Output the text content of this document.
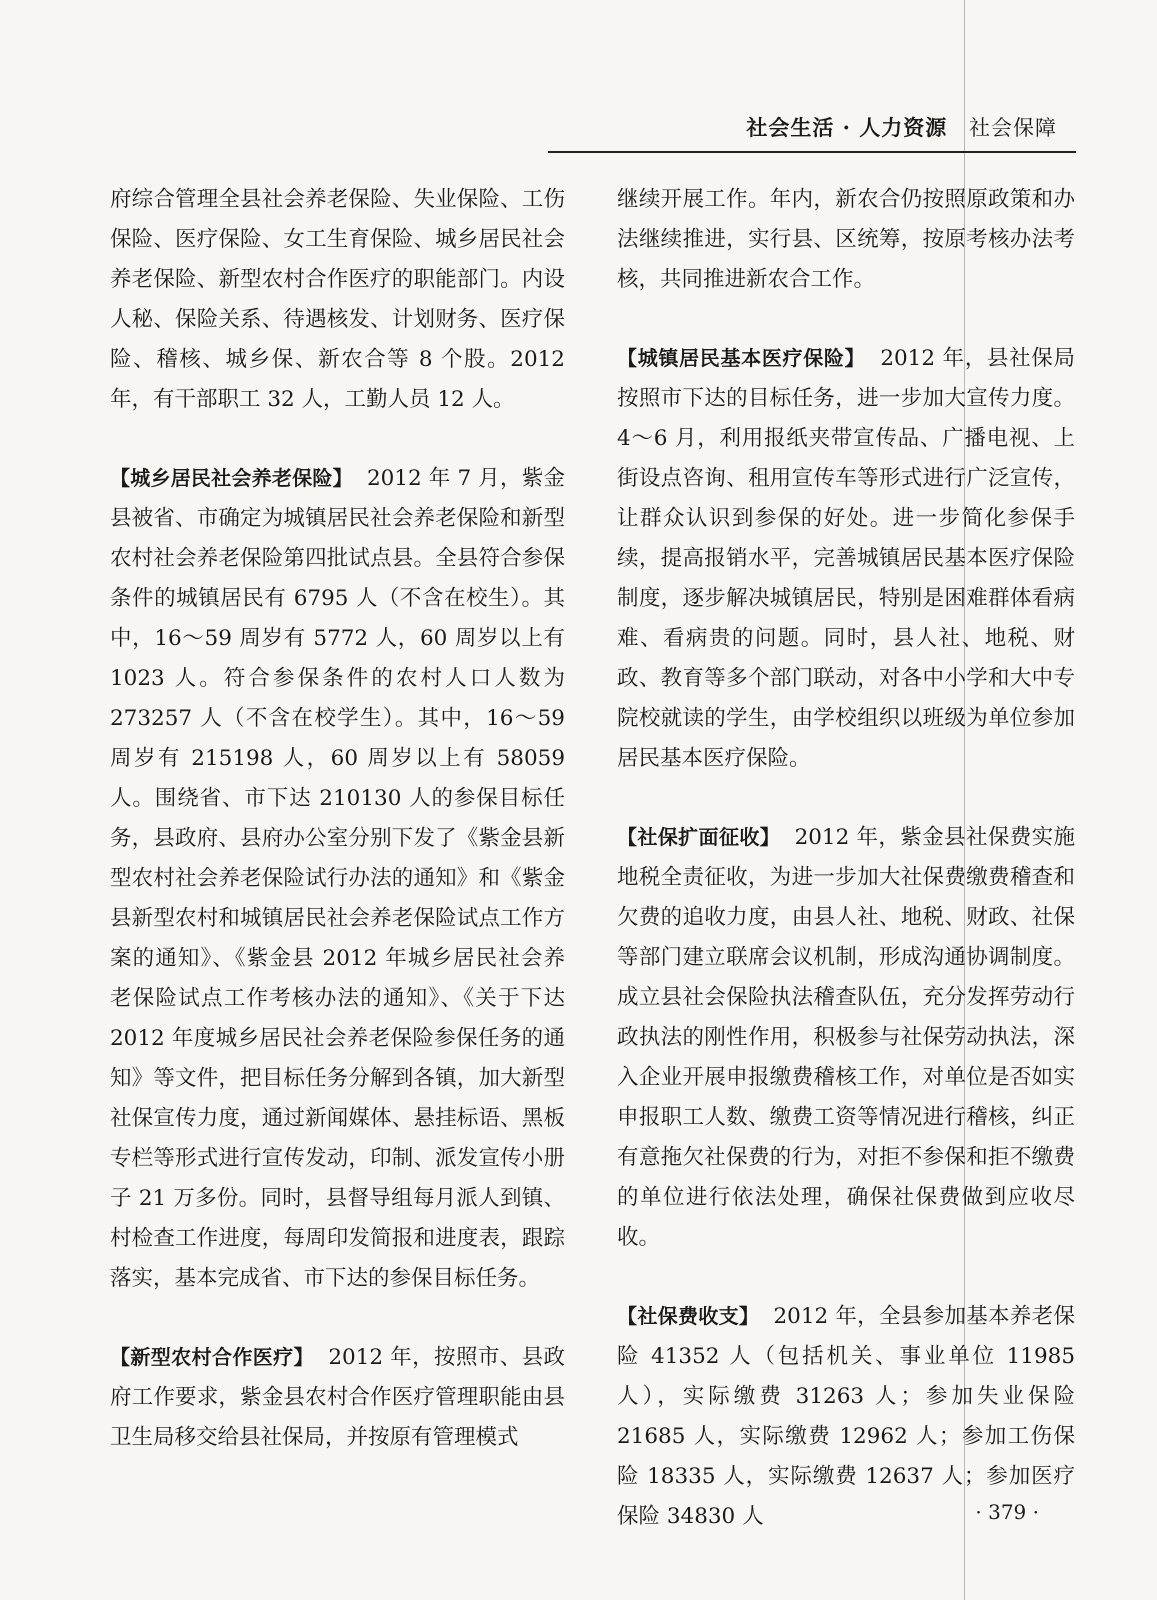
社会生活 · 人力资源 社会保障

府综合管理全县社会养老保险、失业保险、工伤保险、医疗保险、女工生育保险、城乡居民社会养老保险、新型农村合作医疗的职能部门。内设人秘、保险关系、待遇核发、计划财务、医疗保险、稽核、城乡保、新农合等 8 个股。2012 年，有干部职工 32 人，工勤人员 12 人。

【城乡居民社会养老保险】 2012 年 7 月，紫金县被省、市确定为城镇居民社会养老保险和新型农村社会养老保险第四批试点县。全县符合参保条件的城镇居民有 6795 人（不含在校生）。其中，16～59 周岁有 5772 人，60 周岁以上有 1023 人。符合参保条件的农村人口人数为 273257 人（不含在校学生）。其中，16～59 周岁有 215198 人，60 周岁以上有 58059 人。围绕省、市下达 210130 人的参保目标任务，县政府、县府办公室分别下发了《紫金县新型农村社会养老保险试行办法的通知》和《紫金县新型农村和城镇居民社会养老保险试点工作方案的通知》、《紫金县 2012 年城乡居民社会养老保险试点工作考核办法的通知》、《关于下达 2012 年度城乡居民社会养老保险参保任务的通知》等文件，把目标任务分解到各镇，加大新型社保宣传力度，通过新闻媒体、悬挂标语、黑板专栏等形式进行宣传发动，印制、派发宣传小册子 21 万多份。同时，县督导组每月派人到镇、村检查工作进度，每周印发简报和进度表，跟踪落实，基本完成省、市下达的参保目标任务。

【新型农村合作医疗】 2012 年，按照市、县政府工作要求，紫金县农村合作医疗管理职能由县卫生局移交给县社保局，并按原有管理模式

继续开展工作。年内，新农合仍按照原政策和办法继续推进，实行县、区统筹，按原考核办法考核，共同推进新农合工作。

【城镇居民基本医疗保险】 2012 年，县社保局按照市下达的目标任务，进一步加大宣传力度。4～6 月，利用报纸夹带宣传品、广播电视、上街设点咨询、租用宣传车等形式进行广泛宣传，让群众认识到参保的好处。进一步简化参保手续，提高报销水平，完善城镇居民基本医疗保险制度，逐步解决城镇居民，特别是困难群体看病难、看病贵的问题。同时，县人社、地税、财政、教育等多个部门联动，对各中小学和大中专院校就读的学生，由学校组织以班级为单位参加居民基本医疗保险。

【社保扩面征收】 2012 年，紫金县社保费实施地税全责征收，为进一步加大社保费缴费稽查和欠费的追收力度，由县人社、地税、财政、社保等部门建立联席会议机制，形成沟通协调制度。成立县社会保险执法稽查队伍，充分发挥劳动行政执法的刚性作用，积极参与社保劳动执法，深入企业开展申报缴费稽核工作，对单位是否如实申报职工人数、缴费工资等情况进行稽核，纠正有意拖欠社保费的行为，对拒不参保和拒不缴费的单位进行依法处理，确保社保费做到应收尽收。

【社保费收支】 2012 年，全县参加基本养老保险 41352 人（包括机关、事业单位 11985 人），实际缴费 31263 人；参加失业保险 21685 人，实际缴费 12962 人；参加工伤保险 18335 人，实际缴费 12637 人；参加医疗保险 34830 人	· 379 ·
